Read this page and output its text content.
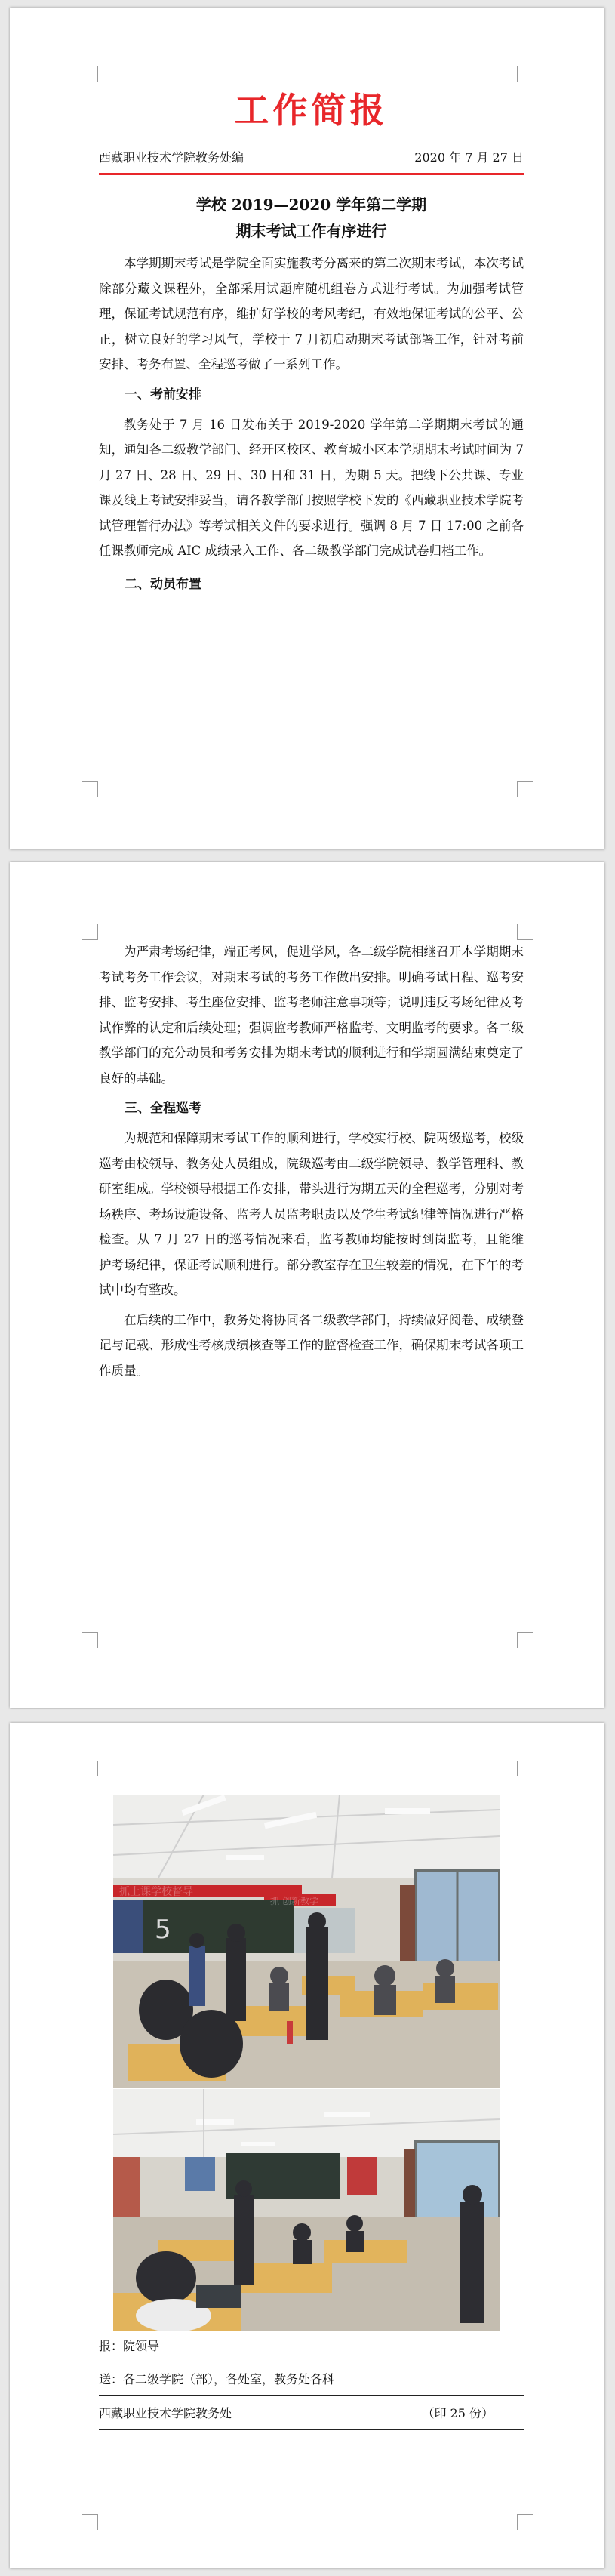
工作简报
西藏职业技术学院教务处编	2020 年 7 月 27 日
学校 2019—2020 学年第二学期
期末考试工作有序进行

本学期期末考试是学院全面实施教考分离来的第二次期末考试，本次考试除部分藏文课程外，全部采用试题库随机组卷方式进行考试。为加强考试管理，保证考试规范有序，维护好学校的考风考纪，有效地保证考试的公平、公正，树立良好的学习风气，学校于 7 月初启动期末考试部署工作，针对考前安排、考务布置、全程巡考做了一系列工作。

一、考前安排

教务处于 7 月 16 日发布关于 2019-2020 学年第二学期期末考试的通知，通知各二级教学部门、经开区校区、教育城小区本学期期末考试时间为 7 月 27 日、28 日、29 日、30 日和 31 日，为期 5 天。把线下公共课、专业课及线上考试安排妥当，请各教学部门按照学校下发的《西藏职业技术学院考试管理暂行办法》等考试相关文件的要求进行。强调 8 月 7 日 17:00 之前各任课教师完成 AIC 成绩录入工作、各二级教学部门完成试卷归档工作。

二、动员布置

为严肃考场纪律，端正考风，促进学风，各二级学院相继召开本学期期末考试考务工作会议，对期末考试的考务工作做出安排。明确考试日程、巡考安排、监考安排、考生座位安排、监考老师注意事项等；说明违反考场纪律及考试作弊的认定和后续处理；强调监考教师严格监考、文明监考的要求。各二级教学部门的充分动员和考务安排为期末考试的顺利进行和学期圆满结束奠定了良好的基础。

三、全程巡考

为规范和保障期末考试工作的顺利进行，学校实行校、院两级巡考，校级巡考由校领导、教务处人员组成，院级巡考由二级学院领导、教学管理科、教研室组成。学校领导根据工作安排，带头进行为期五天的全程巡考，分别对考场秩序、考场设施设备、监考人员监考职责以及学生考试纪律等情况进行严格检查。从 7 月 27 日的巡考情况来看，监考教师均能按时到岗监考，且能维护考场纪律，保证考试顺利进行。部分教室存在卫生较差的情况，在下午的考试中均有整改。

在后续的工作中，教务处将协同各二级教学部门，持续做好阅卷、成绩登记与记载、形成性考核成绩核查等工作的监督检查工作，确保期末考试各项工作质量。

抓上课学校督导
抓 创新教学
5
报：院领导
送：各二级学院（部），各处室，教务处各科
西藏职业技术学院教务处	（印 25 份）
